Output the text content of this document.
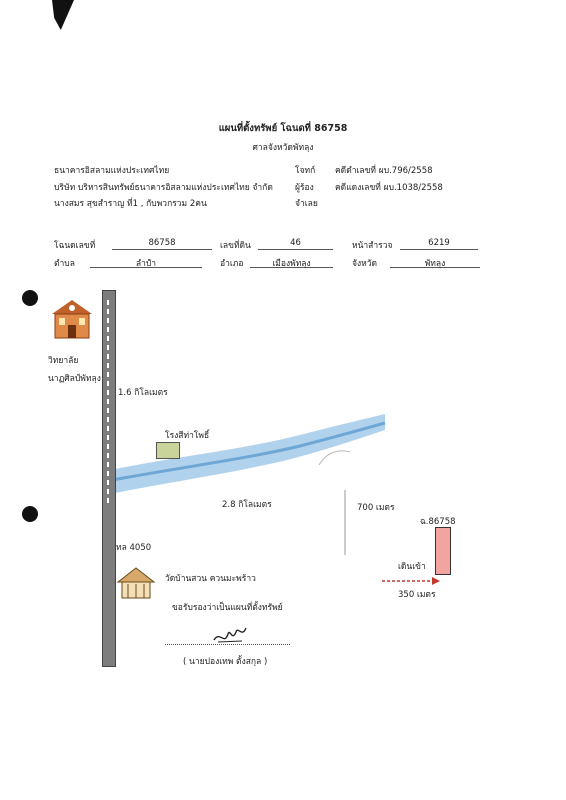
แผนที่ตั้งทรัพย์ โฉนดที่ 86758
ศาลจังหวัดพัทลุง
ธนาคารอิสลามแห่งประเทศไทย	โจทก์ คดีดำเลขที่ ผบ.796/2558
บริษัท บริหารสินทรัพย์ธนาคารอิสลามแห่งประเทศไทย จำกัด	ผู้ร้อง คดีแดงเลขที่ ผบ.1038/2558
นางสมร สุขสำราญ ที่1 , กับพวกรวม 2คน	จำเลย
โฉนดเลขที่	86758	เลขที่ดิน	46	หน้าสำรวจ	6219
ตำบล	ลำปำ	อำเภอ	เมืองพัทลุง	จังหวัด	พัทลุง
วิทยาลัย
นาฏศิลป์พัทลุง
1.6 กิโลเมตร
โรงสีท่าโพธิ์
2.8 กิโลเมตร	700 เมตร
ฉ.86758
เดินเข้า
350 เมตร
ทล 4050
วัดบ้านสวน ควนมะพร้าว
ขอรับรองว่าเป็นแผนที่ตั้งทรัพย์
( นายปองเทพ ตั้งสกุล )
